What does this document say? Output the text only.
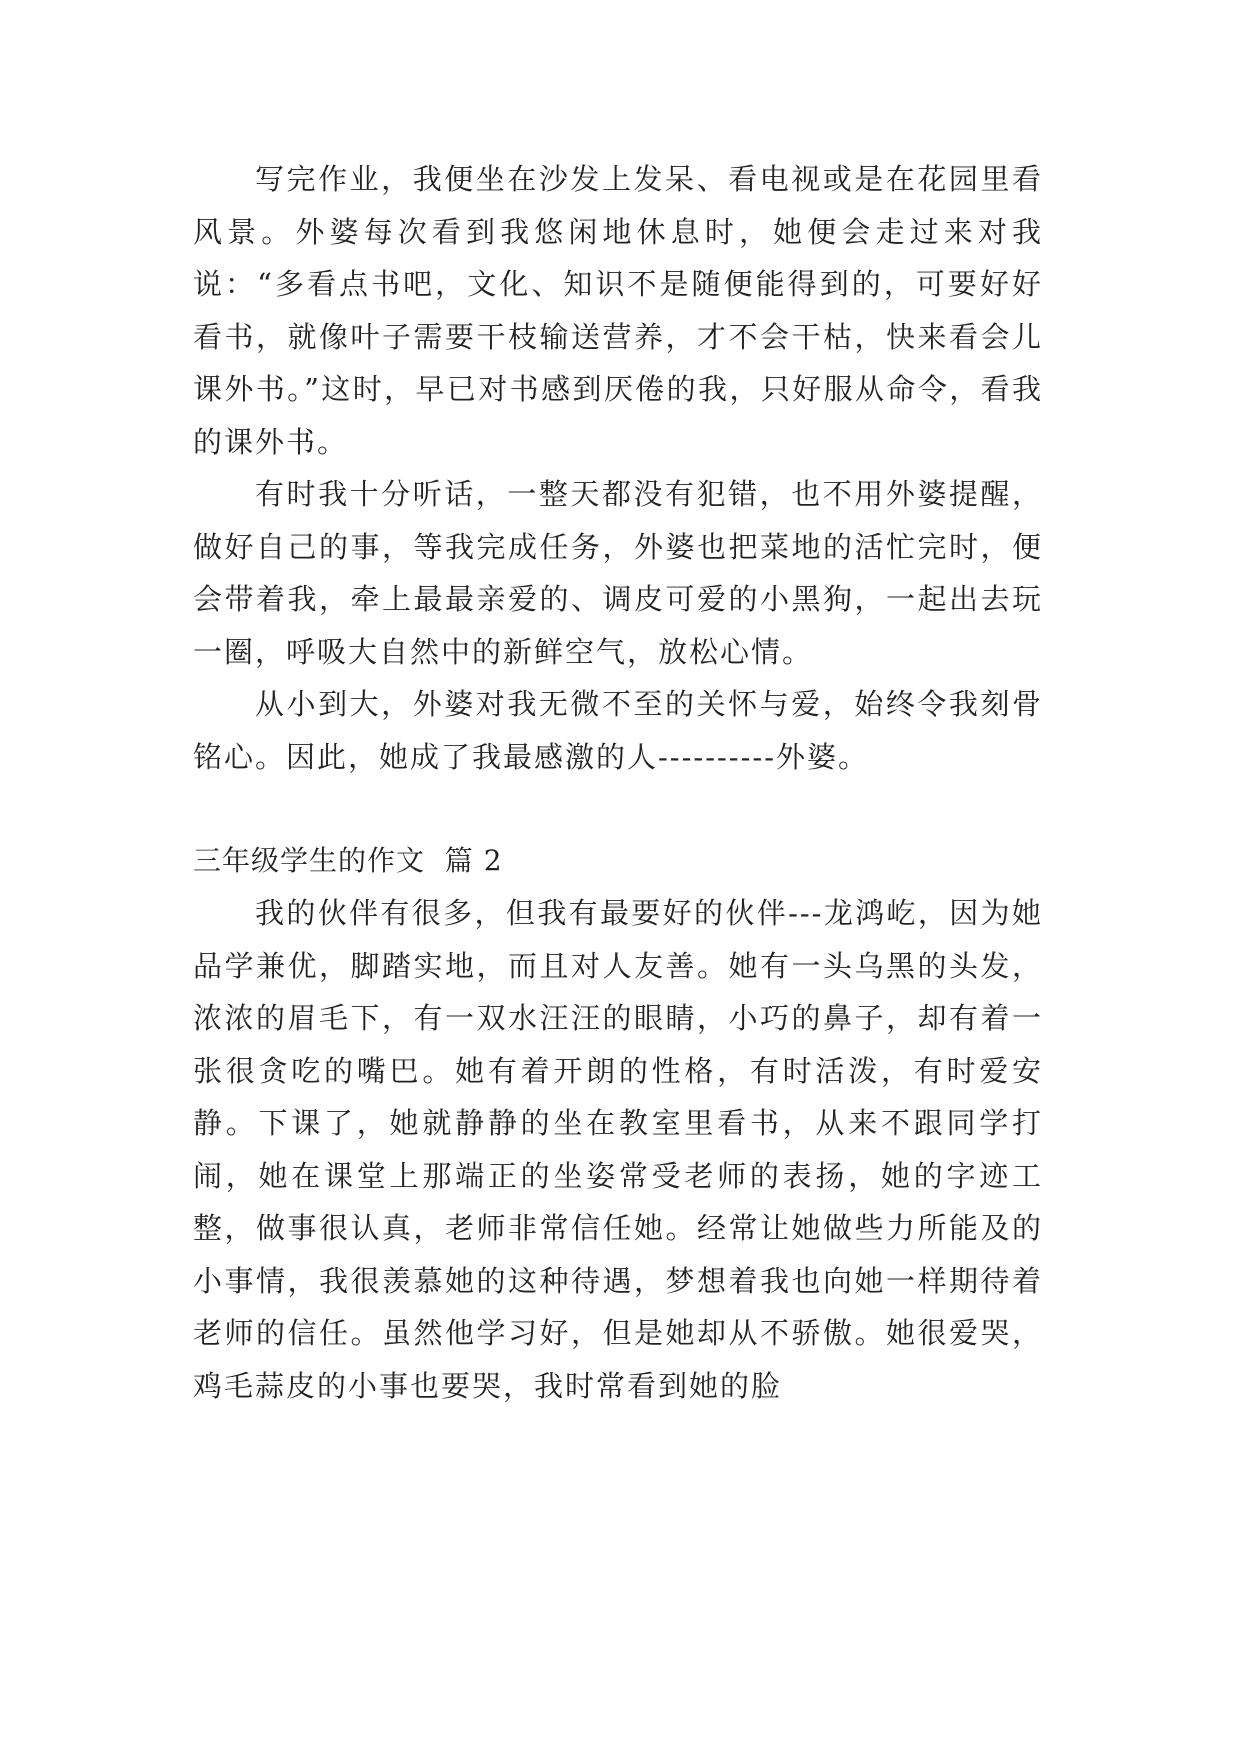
写完作业，我便坐在沙发上发呆、看电视或是在花园里看风景。外婆每次看到我悠闲地休息时，她便会走过来对我说：“多看点书吧，文化、知识不是随便能得到的，可要好好看书，就像叶子需要干枝输送营养，才不会干枯，快来看会儿课外书。”这时，早已对书感到厌倦的我，只好服从命令，看我的课外书。

有时我十分听话，一整天都没有犯错，也不用外婆提醒，做好自己的事，等我完成任务，外婆也把菜地的活忙完时，便会带着我，牵上最最亲爱的、调皮可爱的小黑狗，一起出去玩一圈，呼吸大自然中的新鲜空气，放松心情。

从小到大，外婆对我无微不至的关怀与爱，始终令我刻骨铭心。因此，她成了我最感激的人----------外婆。

三年级学生的作文  篇 2

我的伙伴有很多，但我有最要好的伙伴---龙鸿屹，因为她品学兼优，脚踏实地，而且对人友善。她有一头乌黑的头发，浓浓的眉毛下，有一双水汪汪的眼睛，小巧的鼻子，却有着一张很贪吃的嘴巴。她有着开朗的性格，有时活泼，有时爱安静。下课了，她就静静的坐在教室里看书，从来不跟同学打闹，她在课堂上那端正的坐姿常受老师的表扬，她的字迹工整，做事很认真，老师非常信任她。经常让她做些力所能及的小事情，我很羡慕她的这种待遇，梦想着我也向她一样期待着老师的信任。虽然他学习好，但是她却从不骄傲。她很爱哭，鸡毛蒜皮的小事也要哭，我时常看到她的脸
